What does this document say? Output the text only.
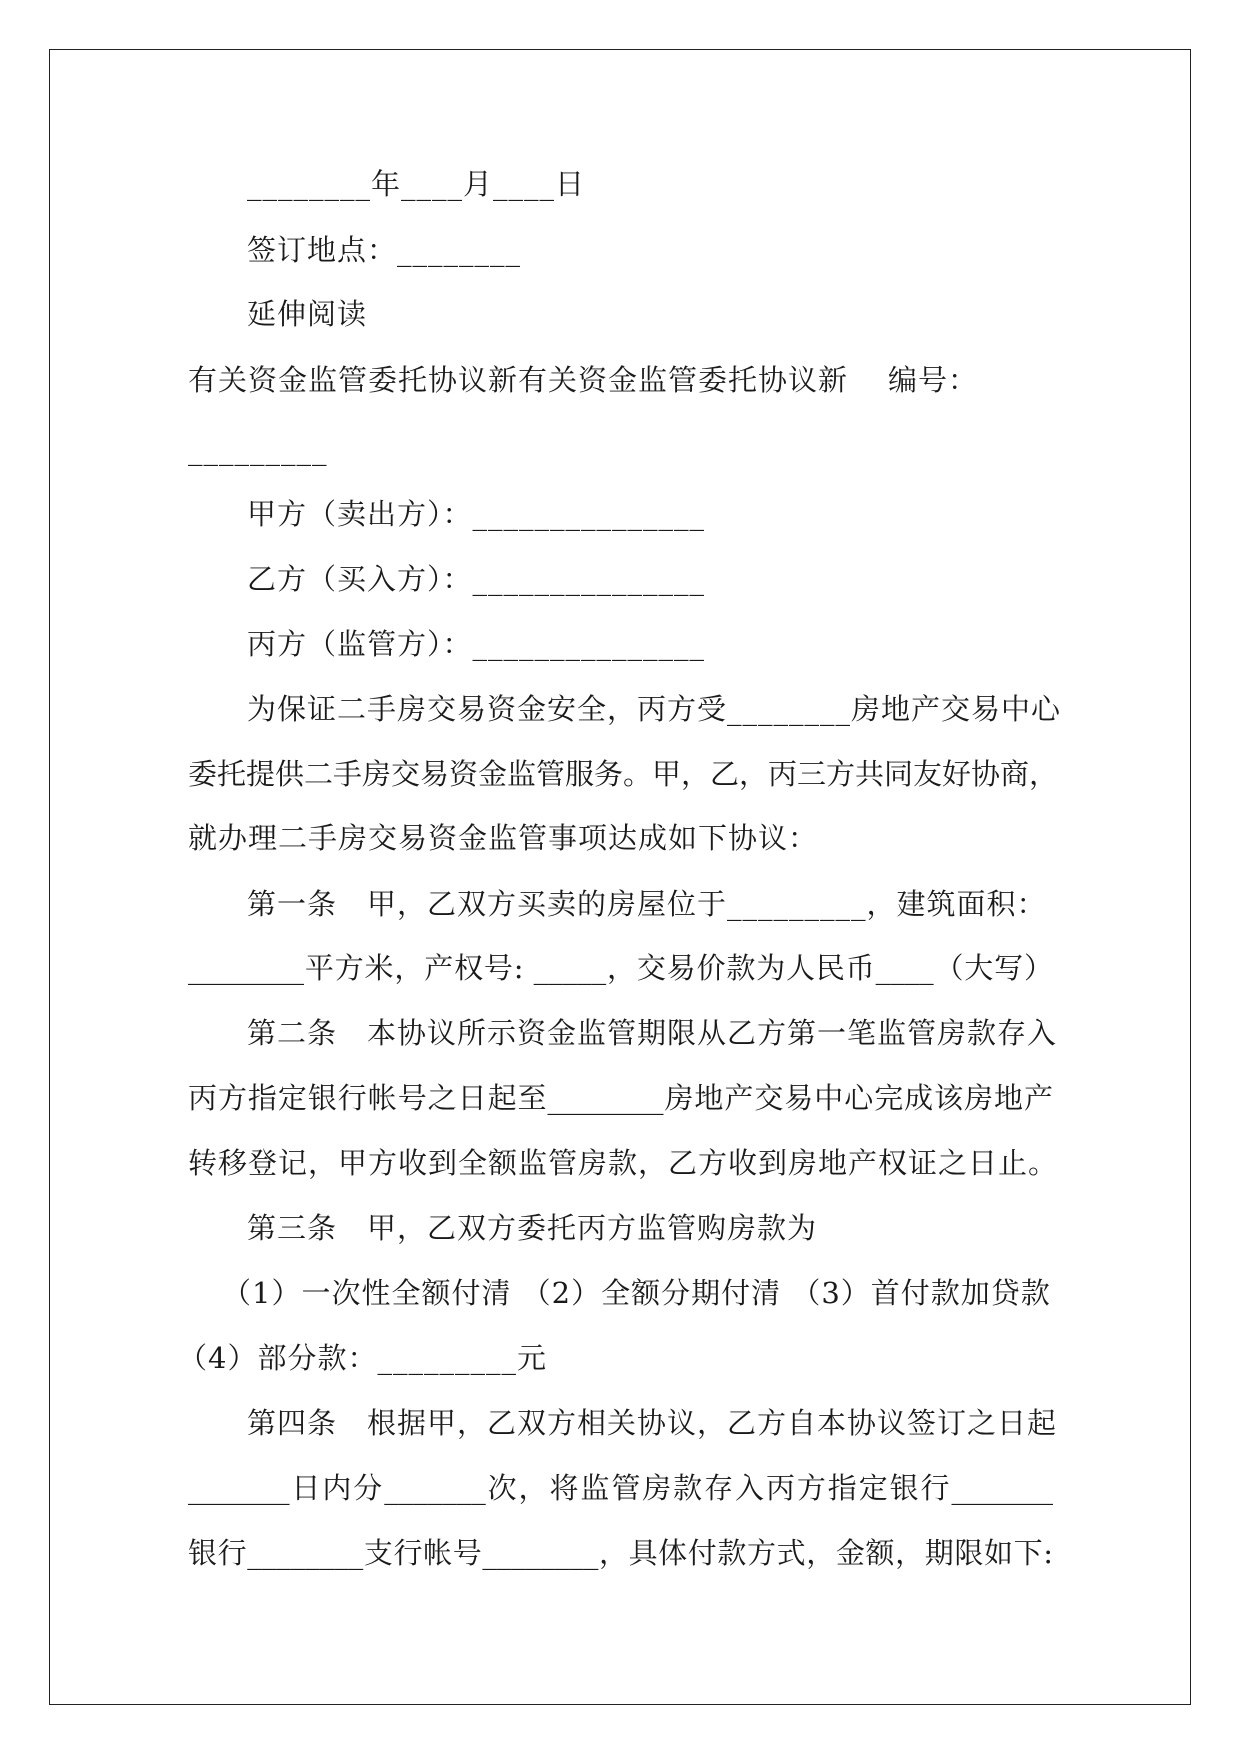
________年____月____日
签订地点：________
延伸阅读
有关资金监管委托协议新有关资金监管委托协议新 编号：
_________
甲方（卖出方）：_______________
乙方（买入方）：_______________
丙方（监管方）：_______________
为保证二手房交易资金安全，丙方受________房地产交易中心
委托提供二手房交易资金监管服务。甲，乙，丙三方共同友好协商，
就办理二手房交易资金监管事项达成如下协议：
第一条　甲，乙双方买卖的房屋位于_________，建筑面积：
________平方米，产权号: _____，交易价款为人民币____（大写）
第二条　本协议所示资金监管期限从乙方第一笔监管房款存入
丙方指定银行帐号之日起至________房地产交易中心完成该房地产
转移登记，甲方收到全额监管房款，乙方收到房地产权证之日止。
第三条　甲，乙双方委托丙方监管购房款为
（1）一次性全额付清 （2）全额分期付清 （3）首付款加贷款
（4）部分款：_________元
第四条　根据甲，乙双方相关协议，乙方自本协议签订之日起
_______日内分_______次，将监管房款存入丙方指定银行_______
银行________支行帐号________，具体付款方式，金额，期限如下:
